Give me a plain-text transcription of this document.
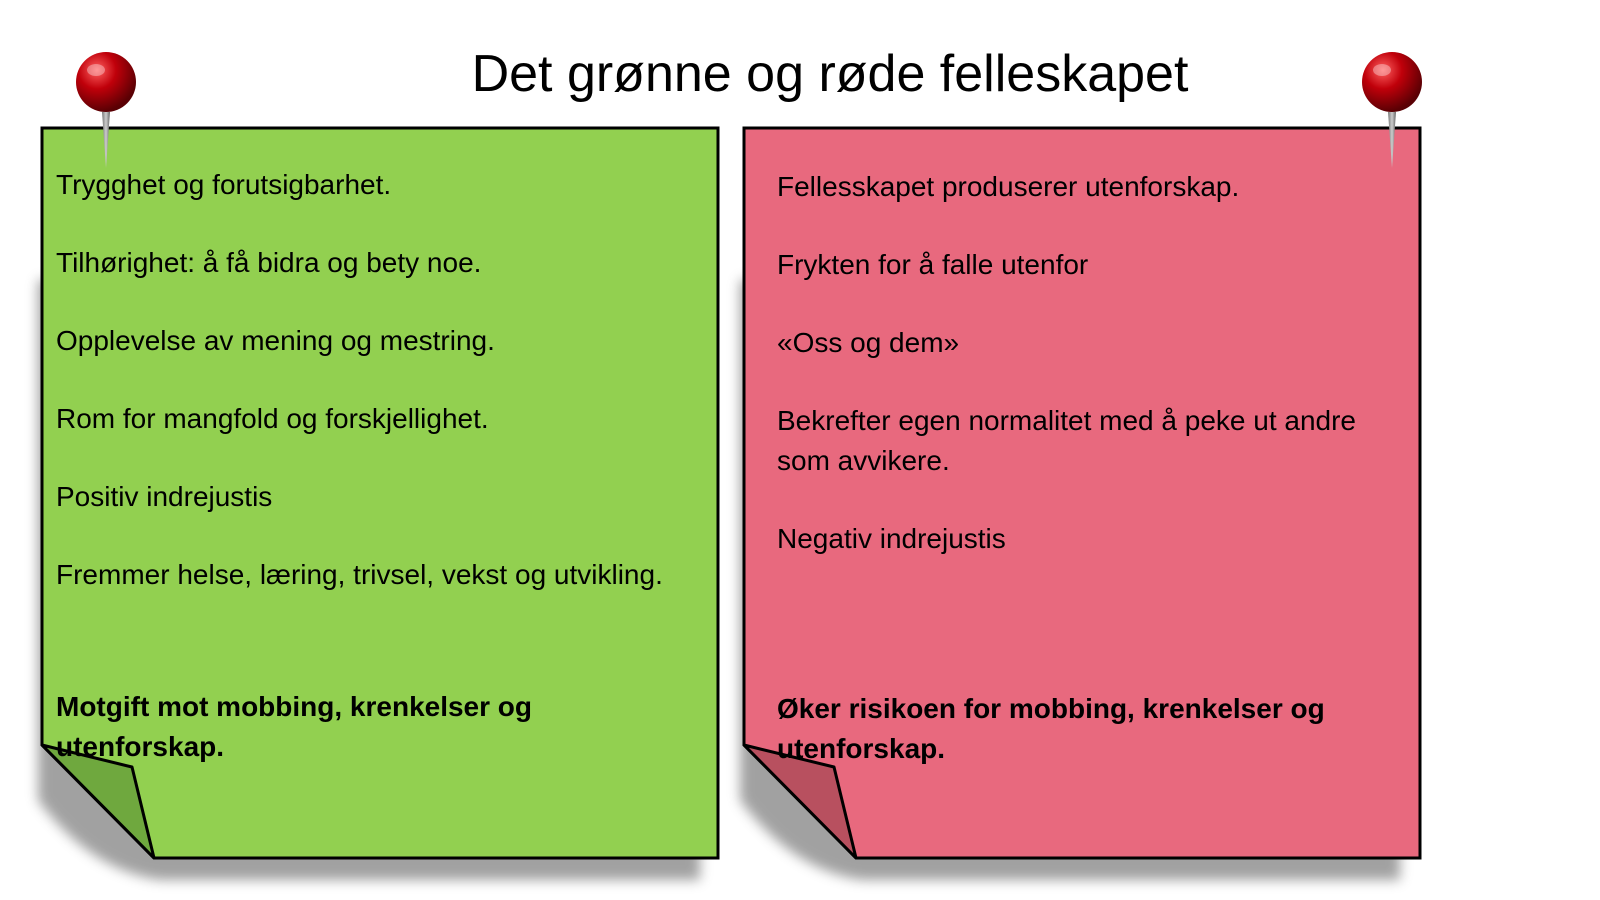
Det grønne og røde felleskapet
Trygghet og forutsigbarhet.
Tilhørighet: å få bidra og bety noe.
Opplevelse av mening og mestring.
Rom for mangfold og forskjellighet.
Positiv indrejustis
Fremmer helse, læring, trivsel, vekst og utvikling.
Motgift mot mobbing, krenkelser og utenforskap.
Fellesskapet produserer utenforskap.
Frykten for å falle utenfor
«Oss og dem»
Bekrefter egen normalitet med å peke ut andre som avvikere.
Negativ indrejustis
Øker risikoen for mobbing, krenkelser og utenforskap.
